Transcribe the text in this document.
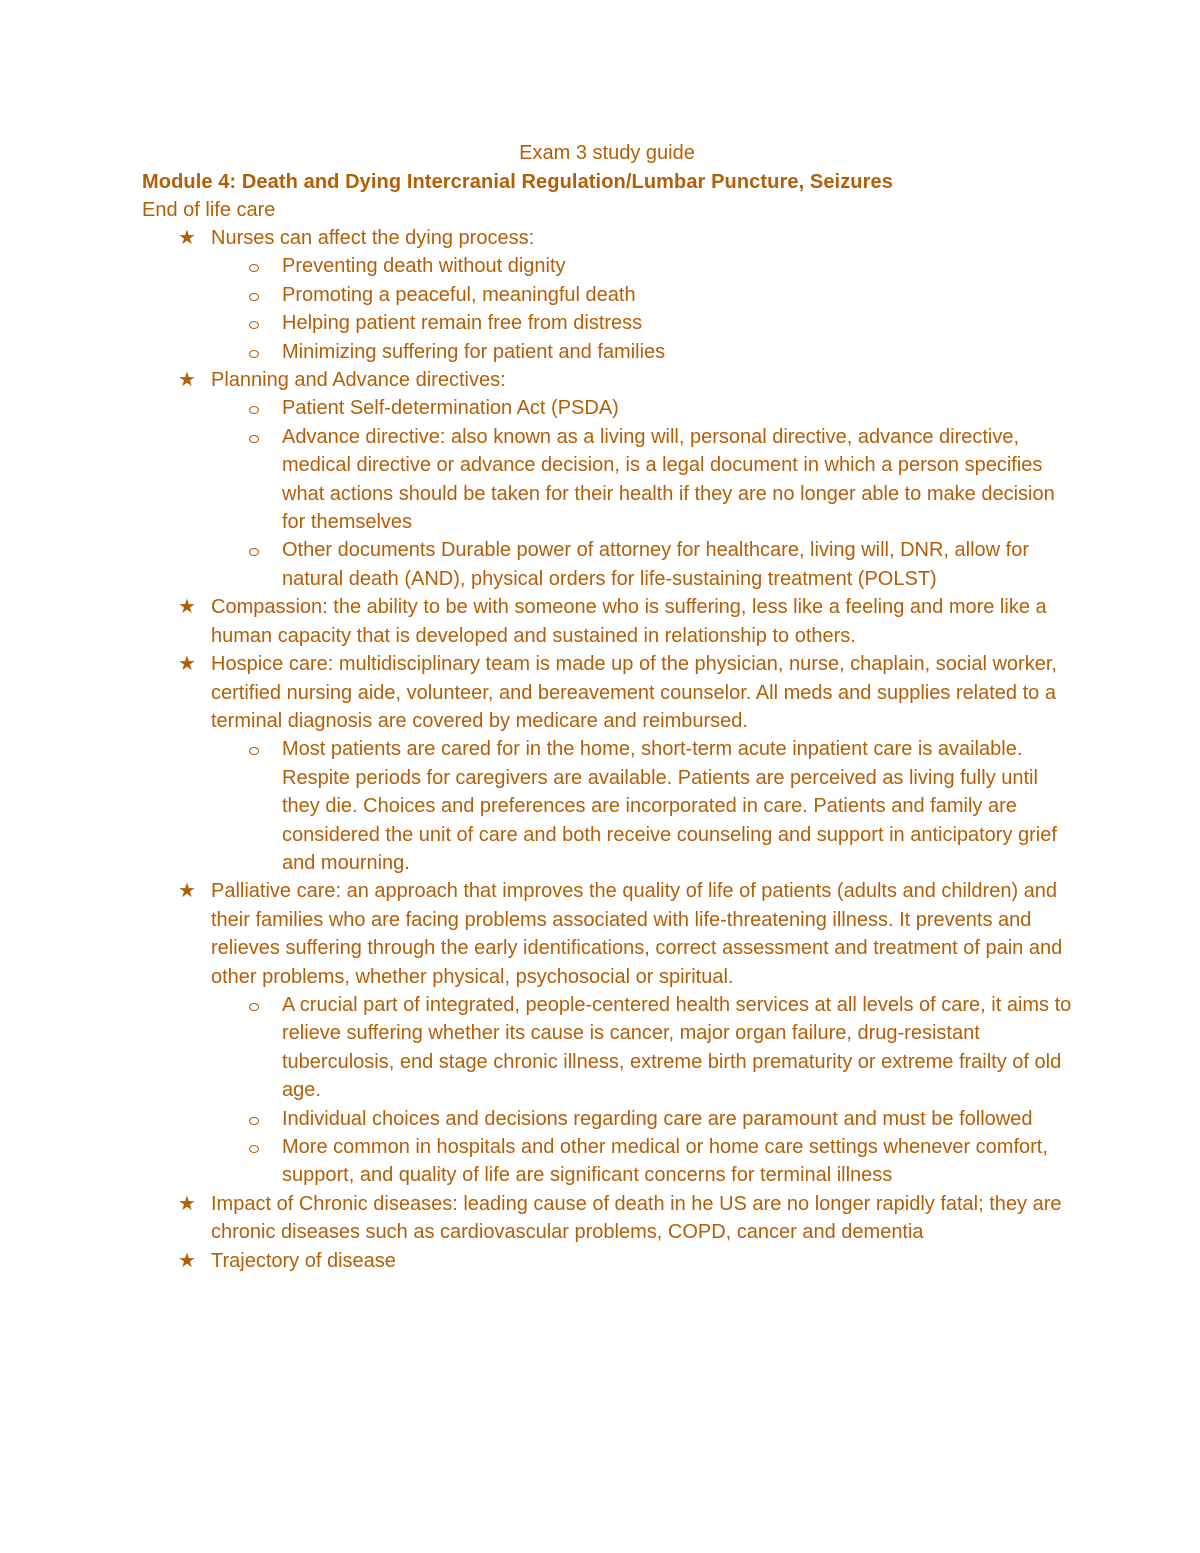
Exam 3 study guide
Module 4: Death and Dying Intercranial Regulation/Lumbar Puncture, Seizures
End of life care
★ Nurses can affect the dying process:
Preventing death without dignity
Promoting a peaceful, meaningful death
Helping patient remain free from distress
Minimizing suffering for patient and families
★ Planning and Advance directives:
Patient Self-determination Act (PSDA)
Advance directive: also known as a living will, personal directive, advance directive, medical directive or advance decision, is a legal document in which a person specifies what actions should be taken for their health if they are no longer able to make decision for themselves
Other documents Durable power of attorney for healthcare, living will, DNR, allow for natural death (AND), physical orders for life-sustaining treatment (POLST)
★ Compassion: the ability to be with someone who is suffering, less like a feeling and more like a human capacity that is developed and sustained in relationship to others.
★ Hospice care: multidisciplinary team is made up of the physician, nurse, chaplain, social worker, certified nursing aide, volunteer, and bereavement counselor. All meds and supplies related to a terminal diagnosis are covered by medicare and reimbursed.
Most patients are cared for in the home, short-term acute inpatient care is available. Respite periods for caregivers are available. Patients are perceived as living fully until they die. Choices and preferences are incorporated in care. Patients and family are considered the unit of care and both receive counseling and support in anticipatory grief and mourning.
★ Palliative care: an approach that improves the quality of life of patients (adults and children) and their families who are facing problems associated with life-threatening illness. It prevents and relieves suffering through the early identifications, correct assessment and treatment of pain and other problems, whether physical, psychosocial or spiritual.
A crucial part of integrated, people-centered health services at all levels of care, it aims to relieve suffering whether its cause is cancer, major organ failure, drug-resistant tuberculosis, end stage chronic illness, extreme birth prematurity or extreme frailty of old age.
Individual choices and decisions regarding care are paramount and must be followed
More common in hospitals and other medical or home care settings whenever comfort, support, and quality of life are significant concerns for terminal illness
★ Impact of Chronic diseases: leading cause of death in he US are no longer rapidly fatal; they are chronic diseases such as cardiovascular problems, COPD, cancer and dementia
★ Trajectory of disease
